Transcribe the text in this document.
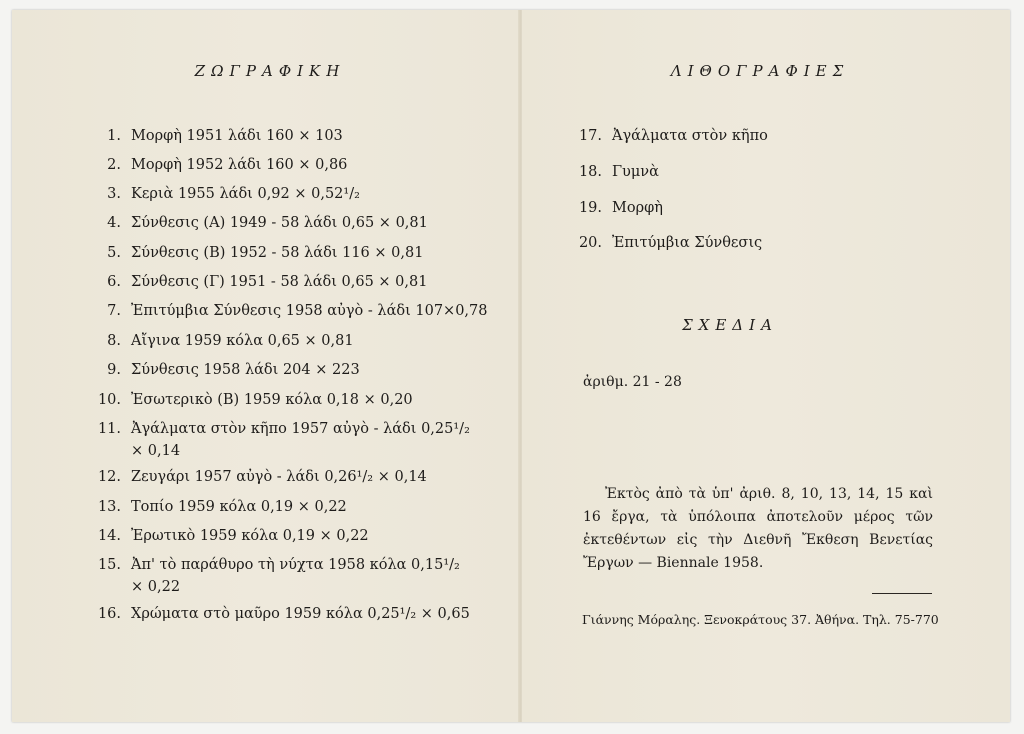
ΖΩΓΡΑΦΙΚΗ
1. Μορφὴ 1951 λάδι 160 × 103
2. Μορφὴ 1952 λάδι 160 × 0,86
3. Κεριὰ 1955 λάδι 0,92 × 0,52¹/₂
4. Σύνθεσις (Α) 1949 - 58 λάδι 0,65 × 0,81
5. Σύνθεσις (Β) 1952 - 58 λάδι 116 × 0,81
6. Σύνθεσις (Γ) 1951 - 58 λάδι 0,65 × 0,81
7. Ἐπιτύμβια Σύνθεσις 1958 αὐγὸ - λάδι 107×0,78
8. Αἴγινα 1959 κόλα 0,65 × 0,81
9. Σύνθεσις 1958 λάδι 204 × 223
10. Ἐσωτερικὸ (Β) 1959 κόλα 0,18 × 0,20
11. Ἀγάλματα στὸν κῆπο 1957 αὐγὸ - λάδι 0,25¹/₂
× 0,14
12. Ζευγάρι 1957 αὐγὸ - λάδι 0,26¹/₂ × 0,14
13. Τοπίο 1959 κόλα 0,19 × 0,22
14. Ἐρωτικὸ 1959 κόλα 0,19 × 0,22
15. Ἀπ' τὸ παράθυρο τὴ νύχτα 1958 κόλα 0,15¹/₂
× 0,22
16. Χρώματα στὸ μαῦρο 1959 κόλα 0,25¹/₂ × 0,65
ΛΙΘΟΓΡΑΦΙΕΣ
17. Ἀγάλματα στὸν κῆπο
18. Γυμνὰ
19. Μορφὴ
20. Ἐπιτύμβια Σύνθεσις
ΣΧΕΔΙΑ
ἀριθμ. 21 - 28
Ἐκτὸς ἀπὸ τὰ ὑπ' ἀριθ. 8, 10, 13, 14, 15 καὶ 16 ἔργα, τὰ ὑπόλοιπα ἀποτελοῦν μέρος τῶν ἐκτεθέντων εἰς τὴν Διεθνῆ Ἔκθεση Βενετίας Ἔργων — Biennale 1958.
Γιάννης Μόραλης. Ξενοκράτους 37. Ἀθήνα. Τηλ. 75-770
